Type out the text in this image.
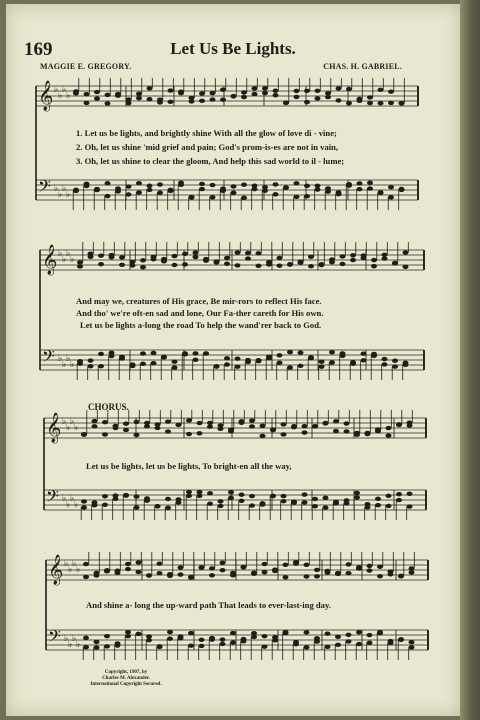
169	Let Us Be Lights.
MAGGIE E. GREGORY.	CHAS. H. GABRIEL.
1. Let us be lights, and brightly shine With all the glow of love di - vine;
2. Oh, let us shine 'mid grief and pain; God's prom-is-es are not in vain,
3. Oh, let us shine to clear the gloom, And help this sad world to il - lume;
And may we, creatures of His grace, Be mir-rors to reflect His face.
And tho' we're oft-en sad and lone, Our Fa-ther careth for His own.
Let us be lights a-long the road To help the wand'rer back to God.
CHORUS.
Let us be lights, let us be lights, To bright-en all the way,
And shine a- long the up-ward path That leads to ever-last-ing day.
Copyright, 1907, by
Charles M. Alexander.
International Copyright Secured.
𝄞 ♭
♭
♭
♭
𝄢 ♭
♭
♭
♭
𝄞 ♭
♭
♭
♭
𝄢 ♭
♭
♭
♭
𝄞 ♭
♭
♭
♭
𝄢 ♭
♭
♭
♭
𝄞 ♭
♭
♭
♭
𝄢 ♭
♭
♭
♭
